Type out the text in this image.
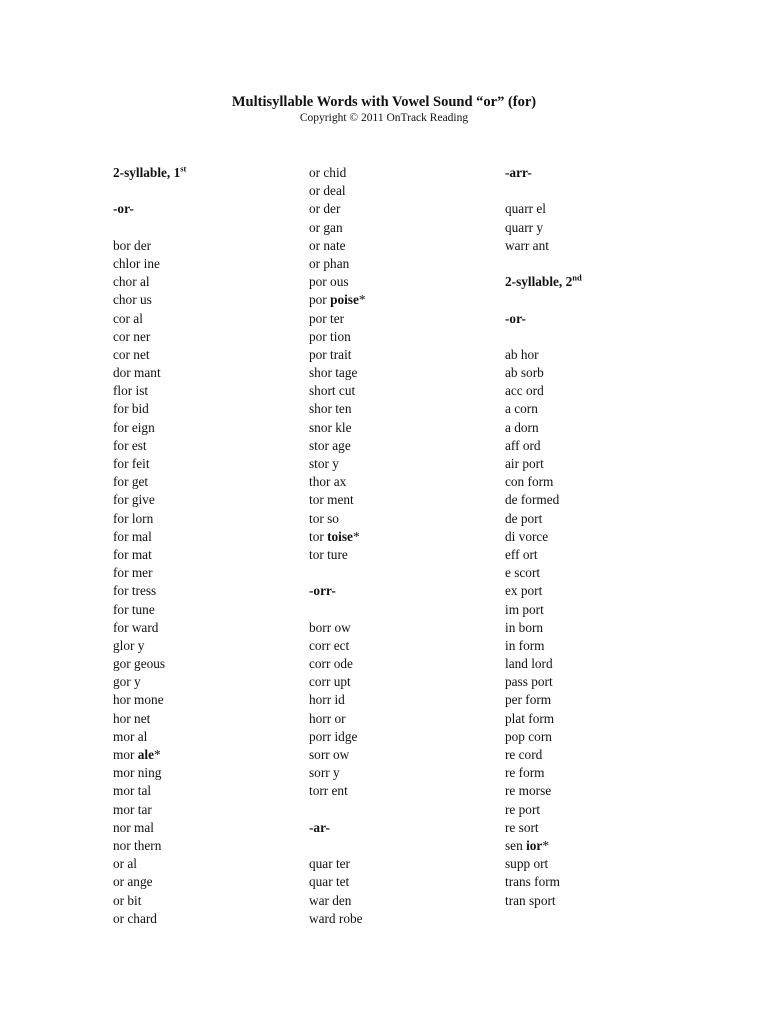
Multisyllable Words with Vowel Sound “or” (for)
Copyright © 2011 OnTrack Reading
2-syllable, 1st

-or-

bor der
chlor ine
chor al
chor us
cor al
cor ner
cor net
dor mant
flor ist
for bid
for eign
for est
for feit
for get
for give
for lorn
for mal
for mat
for mer
for tress
for tune
for ward
glor y
gor geous
gor y
hor mone
hor net
mor al
mor ale*
mor ning
mor tal
mor tar
nor mal
nor thern
or al
or ange
or bit
or chard
or chid
or deal
or der
or gan
or nate
or phan
por ous
por poise*
por ter
por tion
por trait
shor tage
short cut
shor ten
snor kle
stor age
stor y
thor ax
tor ment
tor so
tor toise*
tor ture

-orr-

borr ow
corr ect
corr ode
corr upt
horr id
horr or
porr idge
sorr ow
sorr y
torr ent

-ar-

quar ter
quar tet
war den
ward robe
-arr-

quarr el
quarr y
warr ant

2-syllable, 2nd

-or-

ab hor
ab sorb
acc ord
a corn
a dorn
aff ord
air port
con form
de formed
de port
di vorce
eff ort
e scort
ex port
im port
in born
in form
land lord
pass port
per form
plat form
pop corn
re cord
re form
re morse
re port
re sort
sen ior*
supp ort
trans form
tran sport
